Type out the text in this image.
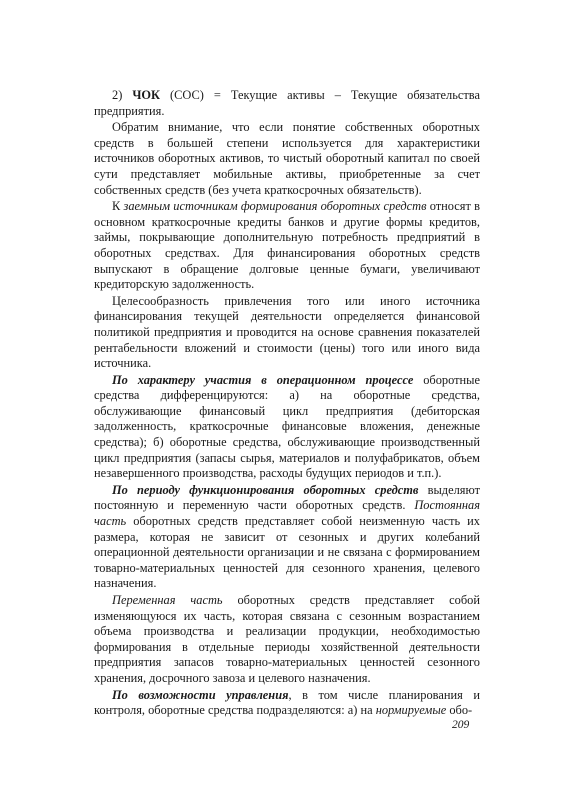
2) ЧОК (СОС) = Текущие активы – Текущие обязательства предприятия.

Обратим внимание, что если понятие собственных оборотных средств в большей степени используется для характеристики источников оборотных активов, то чистый оборотный капитал по своей сути представляет мобильные активы, приобретенные за счет собственных средств (без учета краткосрочных обязательств).

К заемным источникам формирования оборотных средств относят в основном краткосрочные кредиты банков и другие формы кредитов, займы, покрывающие дополнительную потребность предприятий в оборотных средствах. Для финансирования оборотных средств выпускают в обращение долговые ценные бумаги, увеличивают кредиторскую задолженность.

Целесообразность привлечения того или иного источника финансирования текущей деятельности определяется финансовой политикой предприятия и проводится на основе сравнения показателей рентабельности вложений и стоимости (цены) того или иного вида источника.

По характеру участия в операционном процессе оборотные средства дифференцируются: а) на оборотные средства, обслуживающие финансовый цикл предприятия (дебиторская задолженность, краткосрочные финансовые вложения, денежные средства); б) оборотные средства, обслуживающие производственный цикл предприятия (запасы сырья, материалов и полуфабрикатов, объем незавершенного производства, расходы будущих периодов и т.п.).

По периоду функционирования оборотных средств выделяют постоянную и переменную части оборотных средств. Постоянная часть оборотных средств представляет собой неизменную часть их размера, которая не зависит от сезонных и других колебаний операционной деятельности организации и не связана с формированием товарно-материальных ценностей для сезонного хранения, целевого назначения.

Переменная часть оборотных средств представляет собой изменяющуюся их часть, которая связана с сезонным возрастанием объема производства и реализации продукции, необходимостью формирования в отдельные периоды хозяйственной деятельности предприятия запасов товарно-материальных ценностей сезонного хранения, досрочного завоза и целевого назначения.

По возможности управления, в том числе планирования и контроля, оборотные средства подразделяются: а) на нормируемые обо-

209
